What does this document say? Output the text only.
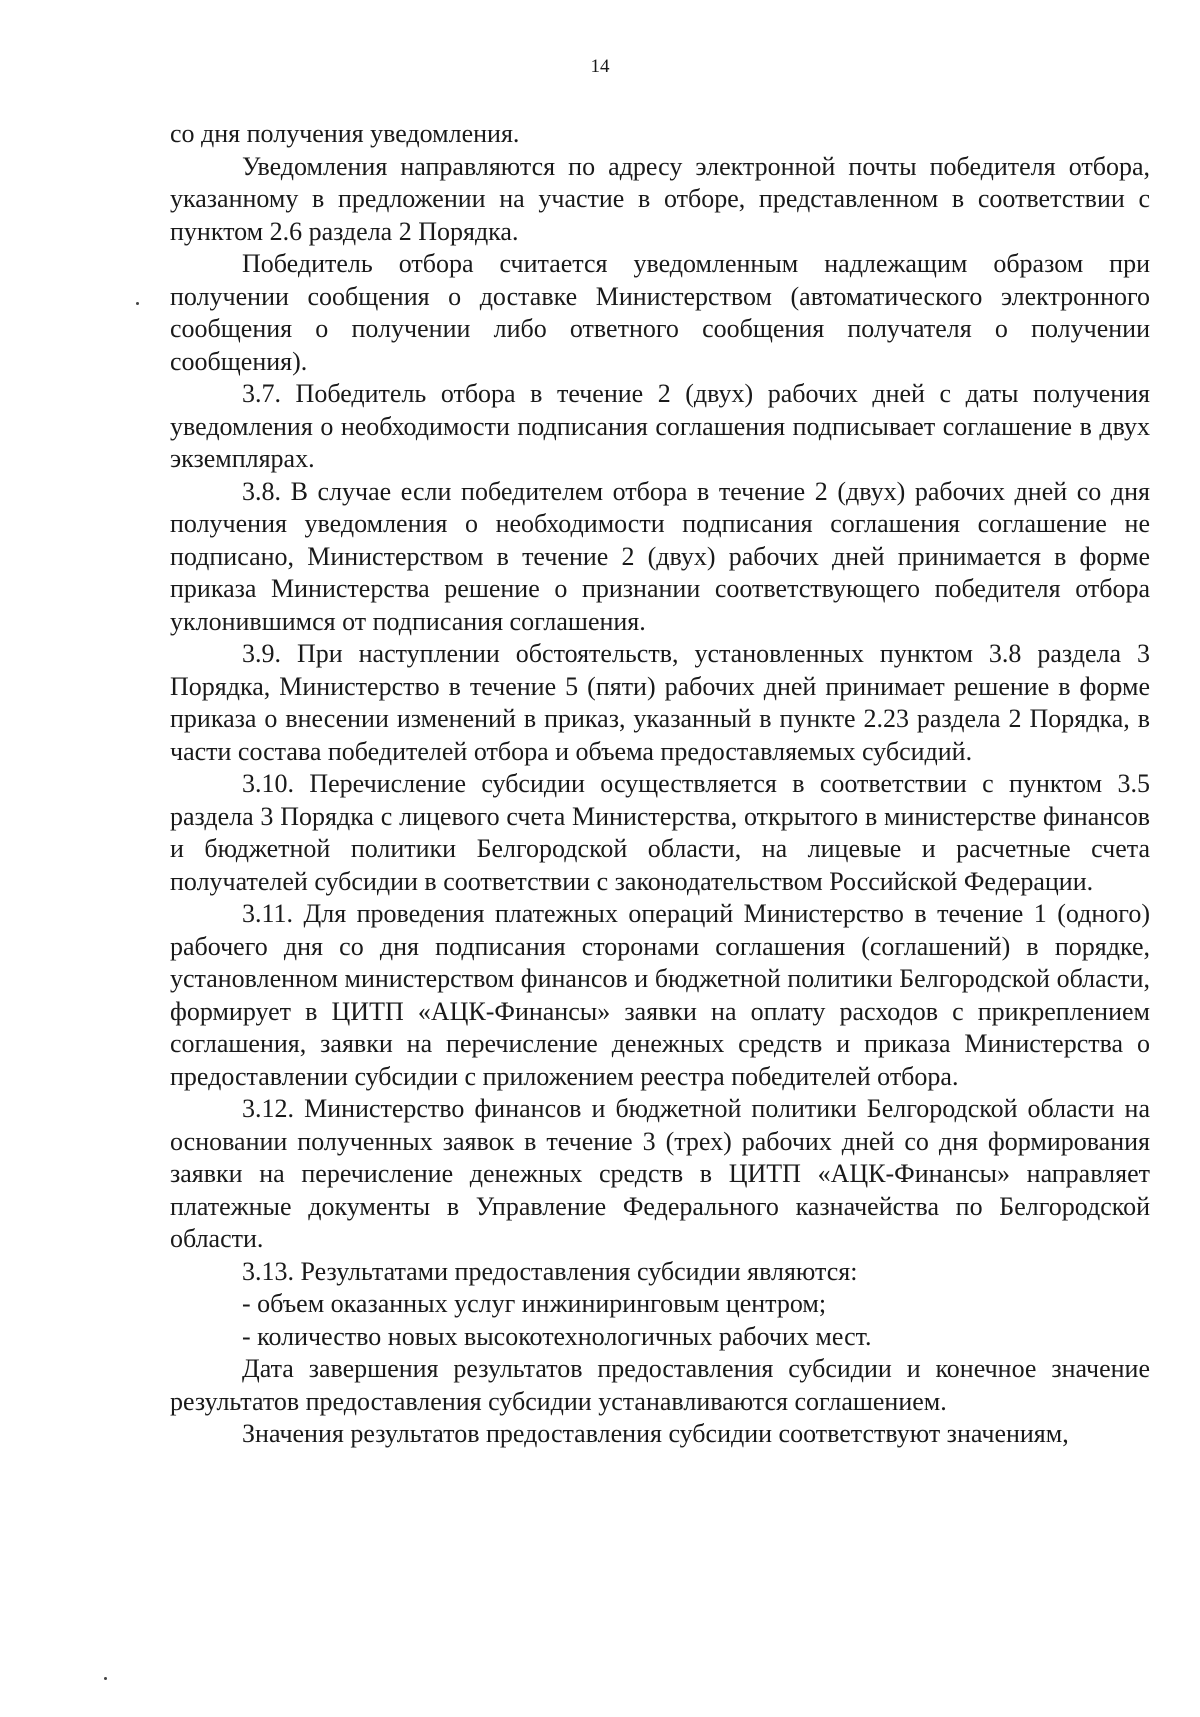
14

со дня получения уведомления.

Уведомления направляются по адресу электронной почты победителя отбора, указанному в предложении на участие в отборе, представленном в соответствии с пунктом 2.6 раздела 2 Порядка.

Победитель отбора считается уведомленным надлежащим образом при получении сообщения о доставке Министерством (автоматического электронного сообщения о получении либо ответного сообщения получателя о получении сообщения).

3.7. Победитель отбора в течение 2 (двух) рабочих дней с даты получения уведомления о необходимости подписания соглашения подписывает соглашение в двух экземплярах.

3.8. В случае если победителем отбора в течение 2 (двух) рабочих дней со дня получения уведомления о необходимости подписания соглашения соглашение не подписано, Министерством в течение 2 (двух) рабочих дней принимается в форме приказа Министерства решение о признании соответствующего победителя отбора уклонившимся от подписания соглашения.

3.9. При наступлении обстоятельств, установленных пунктом 3.8 раздела 3 Порядка, Министерство в течение 5 (пяти) рабочих дней принимает решение в форме приказа о внесении изменений в приказ, указанный в пункте 2.23 раздела 2 Порядка, в части состава победителей отбора и объема предоставляемых субсидий.

3.10. Перечисление субсидии осуществляется в соответствии с пунктом 3.5 раздела 3 Порядка с лицевого счета Министерства, открытого в министерстве финансов и бюджетной политики Белгородской области, на лицевые и расчетные счета получателей субсидии в соответствии с законодательством Российской Федерации.

3.11. Для проведения платежных операций Министерство в течение 1 (одного) рабочего дня со дня подписания сторонами соглашения (соглашений) в порядке, установленном министерством финансов и бюджетной политики Белгородской области, формирует в ЦИТП «АЦК-Финансы» заявки на оплату расходов с прикреплением соглашения, заявки на перечисление денежных средств и приказа Министерства о предоставлении субсидии с приложением реестра победителей отбора.

3.12. Министерство финансов и бюджетной политики Белгородской области на основании полученных заявок в течение 3 (трех) рабочих дней со дня формирования заявки на перечисление денежных средств в ЦИТП «АЦК-Финансы» направляет платежные документы в Управление Федерального казначейства по Белгородской области.

3.13. Результатами предоставления субсидии являются:

- объем оказанных услуг инжиниринговым центром;

- количество новых высокотехнологичных рабочих мест.

Дата завершения результатов предоставления субсидии и конечное значение результатов предоставления субсидии устанавливаются соглашением.

Значения результатов предоставления субсидии соответствуют значениям,
